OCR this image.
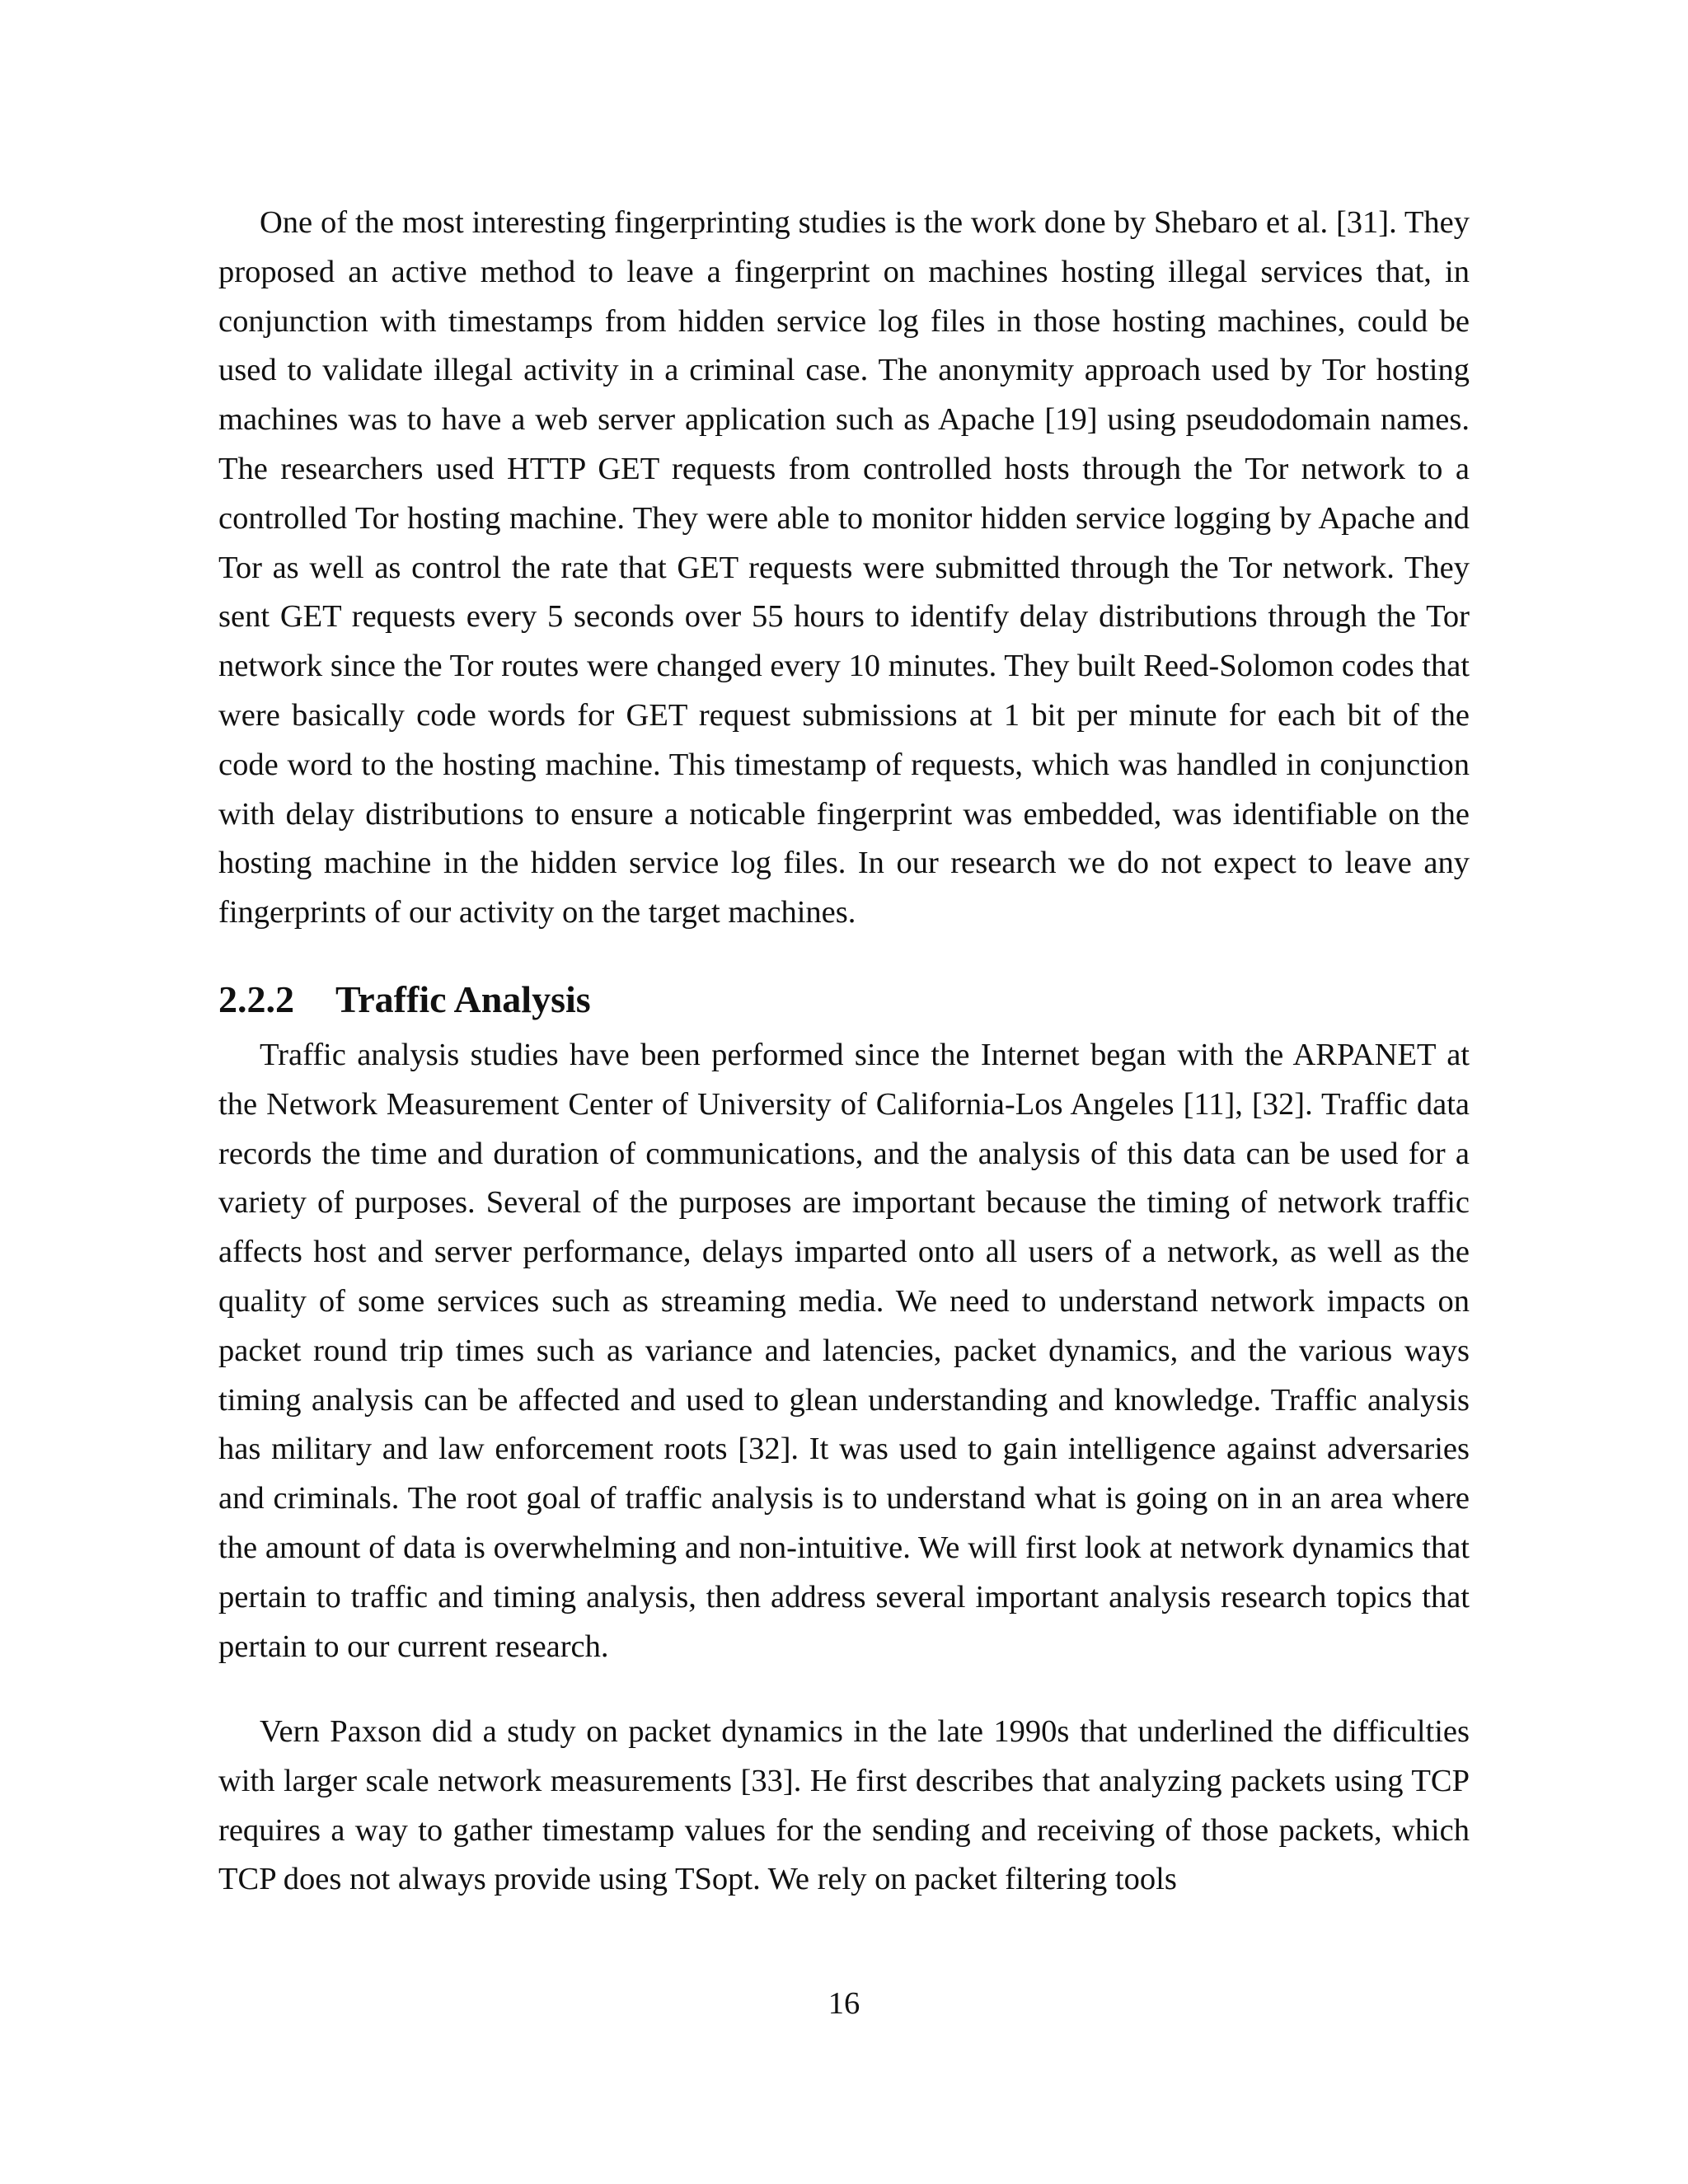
One of the most interesting fingerprinting studies is the work done by Shebaro et al. [31]. They proposed an active method to leave a fingerprint on machines hosting illegal services that, in conjunction with timestamps from hidden service log files in those hosting machines, could be used to validate illegal activity in a criminal case. The anonymity approach used by Tor hosting machines was to have a web server application such as Apache [19] using pseudodomain names. The researchers used HTTP GET requests from controlled hosts through the Tor network to a controlled Tor hosting machine. They were able to monitor hidden service logging by Apache and Tor as well as control the rate that GET requests were submitted through the Tor network. They sent GET requests every 5 seconds over 55 hours to identify delay distributions through the Tor network since the Tor routes were changed every 10 minutes. They built Reed-Solomon codes that were basically code words for GET request submissions at 1 bit per minute for each bit of the code word to the hosting machine. This timestamp of requests, which was handled in conjunction with delay distributions to ensure a noticable fingerprint was embedded, was identifiable on the hosting machine in the hidden service log files. In our research we do not expect to leave any fingerprints of our activity on the target machines.

2.2.2 Traffic Analysis

Traffic analysis studies have been performed since the Internet began with the ARPANET at the Network Measurement Center of University of California-Los Angeles [11], [32]. Traffic data records the time and duration of communications, and the analysis of this data can be used for a variety of purposes. Several of the purposes are important because the timing of network traffic affects host and server performance, delays imparted onto all users of a network, as well as the quality of some services such as streaming media. We need to understand network impacts on packet round trip times such as variance and latencies, packet dynamics, and the various ways timing analysis can be affected and used to glean understanding and knowledge. Traffic analysis has military and law enforcement roots [32]. It was used to gain intelligence against adversaries and criminals. The root goal of traffic analysis is to understand what is going on in an area where the amount of data is overwhelming and non-intuitive. We will first look at network dynamics that pertain to traffic and timing analysis, then address several important analysis research topics that pertain to our current research.

Vern Paxson did a study on packet dynamics in the late 1990s that underlined the difficulties with larger scale network measurements [33]. He first describes that analyzing packets using TCP requires a way to gather timestamp values for the sending and receiving of those packets, which TCP does not always provide using TSopt. We rely on packet filtering tools

16
